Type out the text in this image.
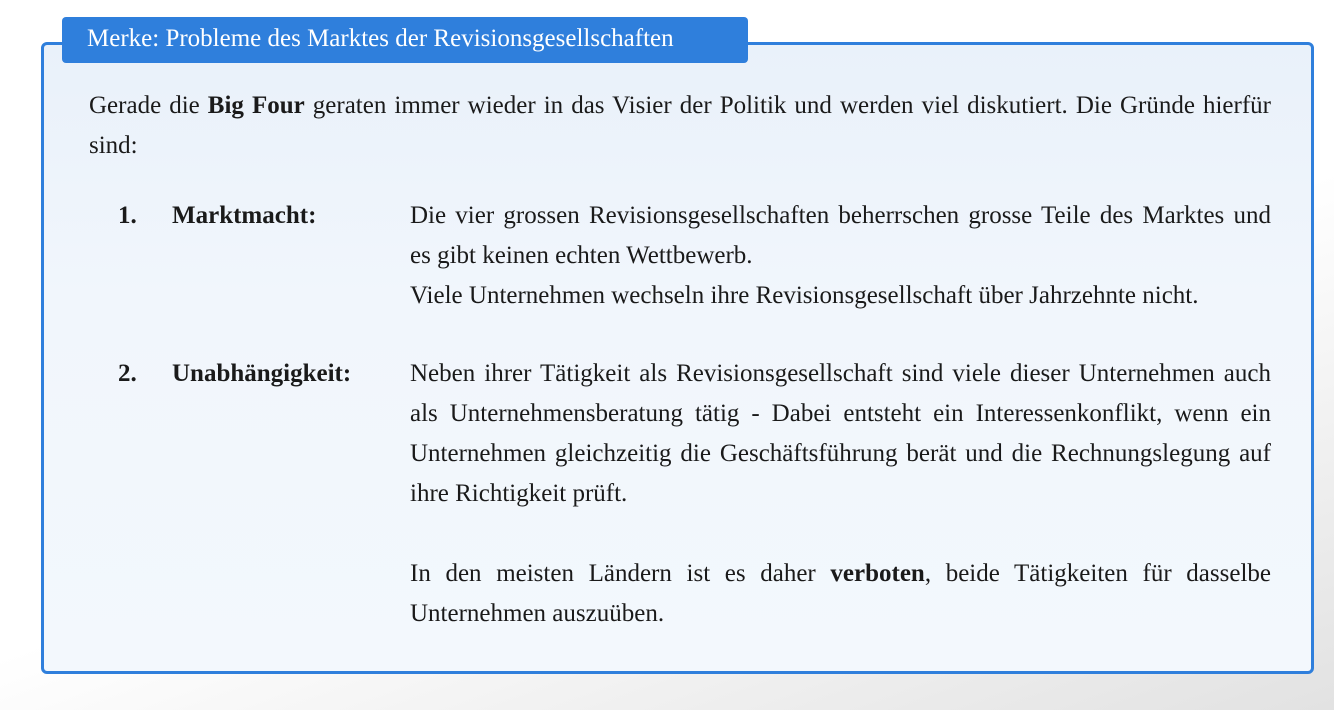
Merke: Probleme des Marktes der Revisionsgesellschaften
Gerade die Big Four geraten immer wieder in das Visier der Politik und werden viel diskutiert. Die Gründe hierfür sind:
1. Marktmacht:	Die vier grossen Revisionsgesellschaften beherrschen grosse Teile des Marktes und es gibt keinen echten Wettbewerb.

Viele Unternehmen wechseln ihre Revisionsgesellschaft über Jahrzehnte nicht.

2. Unabhängigkeit: Neben ihrer Tätigkeit als Revisionsgesellschaft sind viele dieser Unternehmen auch als Unternehmensberatung tätig - Dabei entsteht ein Interessenkonflikt, wenn ein Unternehmen gleichzeitig die Geschäftsführung berät und die Rechnungslegung auf ihre Richtigkeit prüft.

In den meisten Ländern ist es daher verboten, beide Tätigkeiten für dasselbe Unternehmen auszuüben.
